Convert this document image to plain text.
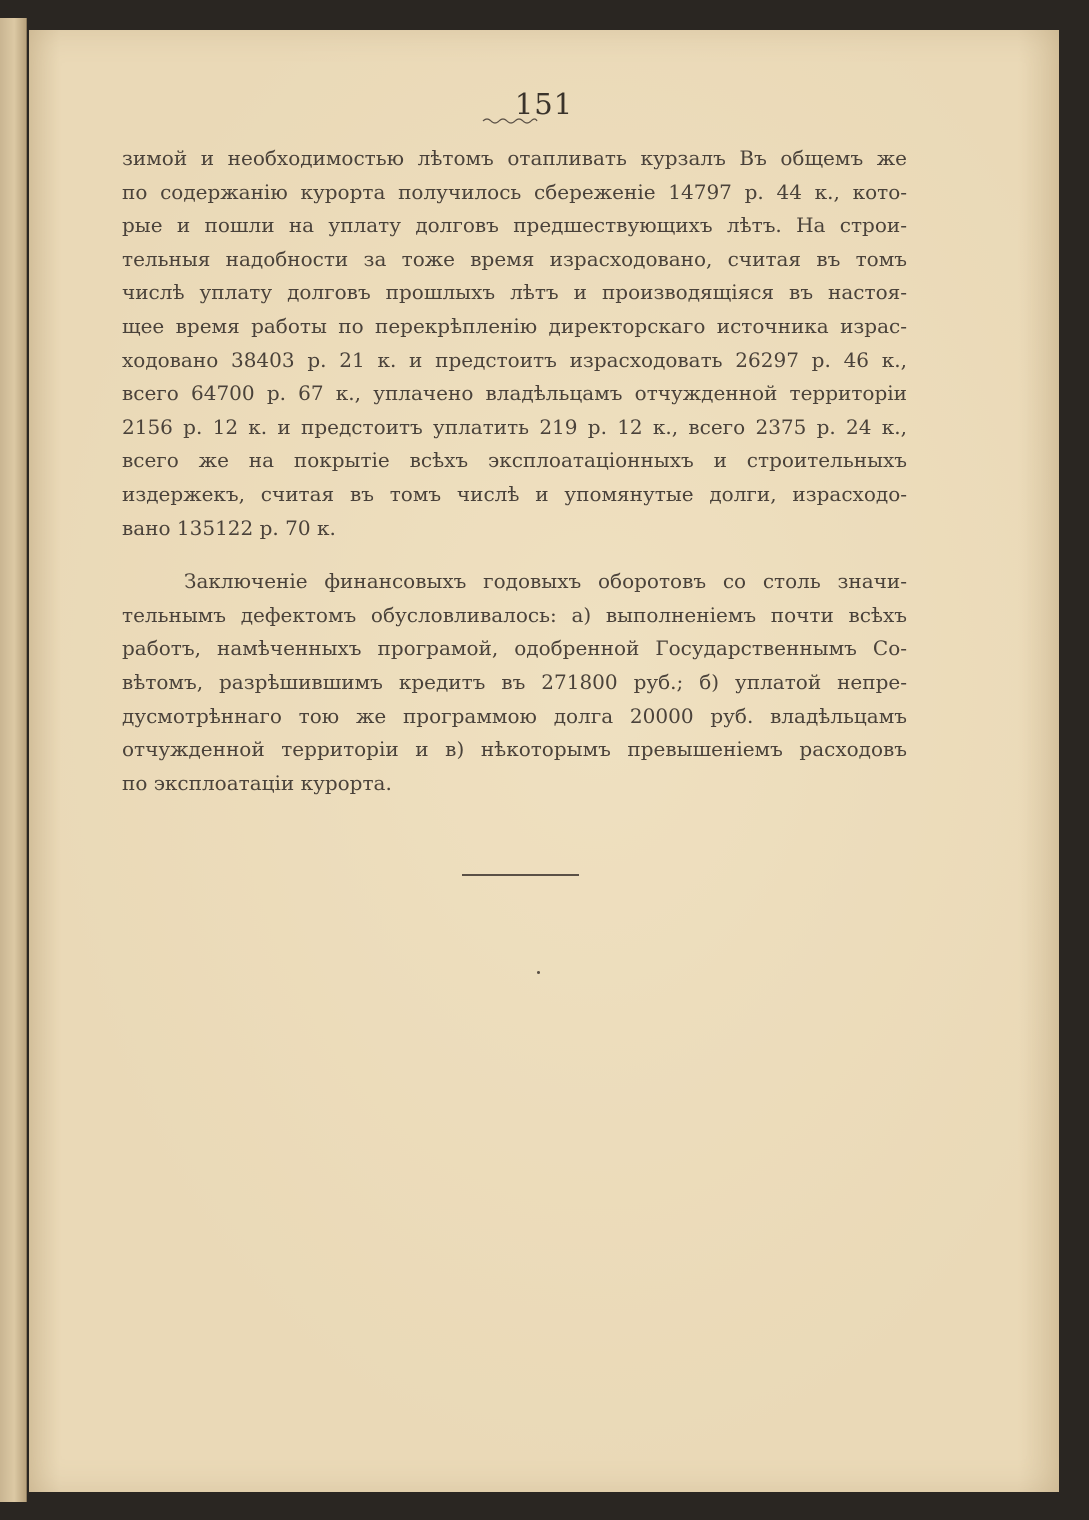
151
зимой и необходимостью лѣтомъ отапливать курзалъ Въ общемъ же
по содержанію курорта получилось сбереженіе 14797 р. 44 к., кото-
рые и пошли на уплату долговъ предшествующихъ лѣтъ. На строи-
тельныя надобности за тоже время израсходовано, считая въ томъ
числѣ уплату долговъ прошлыхъ лѣтъ и производящіяся въ настоя-
щее время работы по перекрѣпленію директорскаго источника израс-
ходовано 38403 р. 21 к. и предстоитъ израсходовать 26297 р. 46 к.,
всего 64700 р. 67 к., уплачено владѣльцамъ отчужденной территоріи
2156 р. 12 к. и предстоитъ уплатить 219 р. 12 к., всего 2375 р. 24 к.,
всего же на покрытіе всѣхъ эксплоатаціонныхъ и строительныхъ
издержекъ, считая въ томъ числѣ и упомянутые долги, израсходо-
вано 135122 р. 70 к.
Заключеніе финансовыхъ годовыхъ оборотовъ со столь значи-
тельнымъ дефектомъ обусловливалось: а) выполненіемъ почти всѣхъ
работъ, намѣченныхъ програмой, одобренной Государственнымъ Со-
вѣтомъ, разрѣшившимъ кредитъ въ 271800 руб.; б) уплатой непре-
дусмотрѣннаго тою же программою долга 20000 руб. владѣльцамъ
отчужденной территоріи и в) нѣкоторымъ превышеніемъ расходовъ
по эксплоатаціи курорта.
